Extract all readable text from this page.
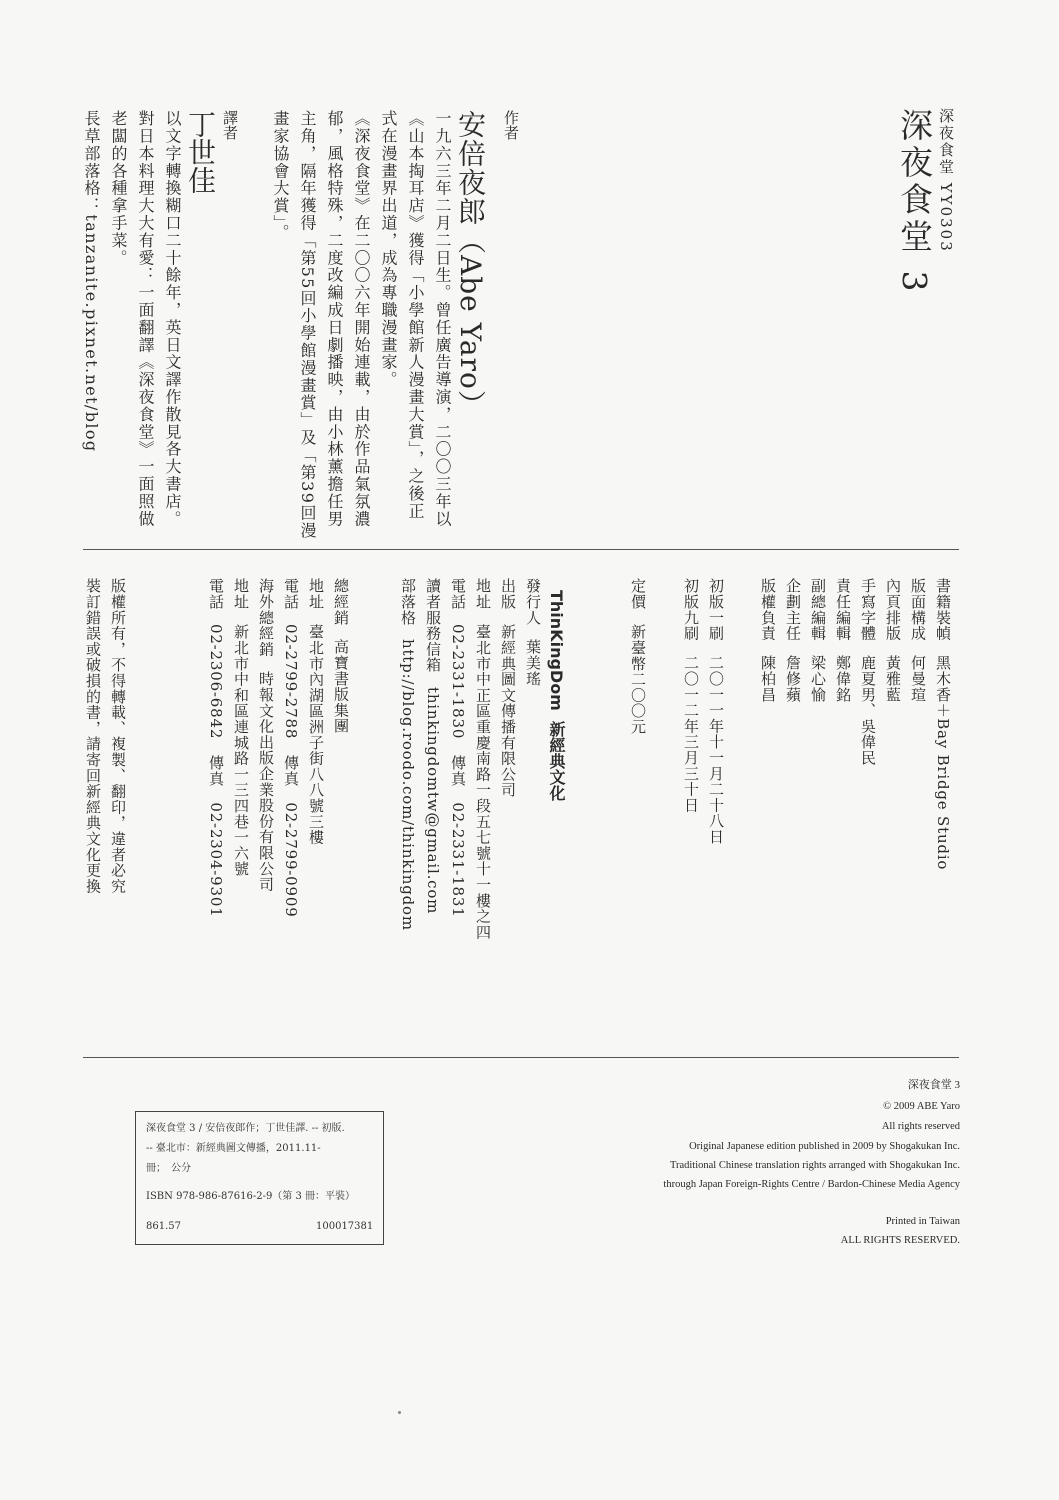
深夜食堂 YY0303
深夜食堂 3
作者
安倍夜郎（Abe Yaro）
一九六三年二月二日生。曾任廣告導演，二〇〇三年以
《山本掏耳店》獲得「小學館新人漫畫大賞」，之後正
式在漫畫界出道，成為專職漫畫家。
《深夜食堂》在二〇〇六年開始連載，由於作品氣氛濃
郁，風格特殊，二度改編成日劇播映，由小林薰擔任男
主角，隔年獲得「第55回小學館漫畫賞」及「第39回漫
畫家協會大賞」。
譯者
丁世佳
以文字轉換糊口二十餘年，英日文譯作散見各大書店。
對日本料理大大有愛：一面翻譯《深夜食堂》一面照做
老闆的各種拿手菜。
長草部落格：tanzanite.pixnet.net/blog
書籍裝幀黑木香＋Bay Bridge Studio
版面構成何曼瑄
內頁排版黃雅藍
手寫字體鹿夏男、吳偉民
責任編輯鄭偉銘
副總編輯梁心愉
企劃主任詹修蘋
版權負責陳柏昌
初版一刷二〇一一年十一月二十八日
初版九刷二〇一二年三月三十日
定價新臺幣二〇〇元
ThinKingDom新經典文化
發行人葉美瑤
出版新經典圖文傳播有限公司
地址臺北市中正區重慶南路一段五七號十一樓之四
電話02-2331-1830　傳真　02-2331-1831
讀者服務信箱thinkingdomtw@gmail.com
部落格http://blog.roodo.com/thinkingdom
總經銷高寶書版集團
地址臺北市內湖區洲子街八八號三樓
電話02-2799-2788　傳真　02-2799-0909
海外總經銷時報文化出版企業股份有限公司
地址新北市中和區連城路一三四巷一六號
電話02-2306-6842　傳真　02-2304-9301
版權所有，不得轉載、複製、翻印，違者必究
裝訂錯誤或破損的書，請寄回新經典文化更換
深夜食堂 3
© 2009 ABE Yaro
All rights reserved
Original Japanese edition published in 2009 by Shogakukan Inc.
Traditional Chinese translation rights arranged with Shogakukan Inc.
through Japan Foreign-Rights Centre / Bardon-Chinese Media Agency
Printed in Taiwan
ALL RIGHTS RESERVED.
深夜食堂 3 / 安倍夜郎作；丁世佳譯. -- 初版.
-- 臺北市：新經典圖文傳播，2011.11-
冊；　公分
ISBN 978-986-87616-2-9（第 3 冊：平裝）
861.57	100017381
